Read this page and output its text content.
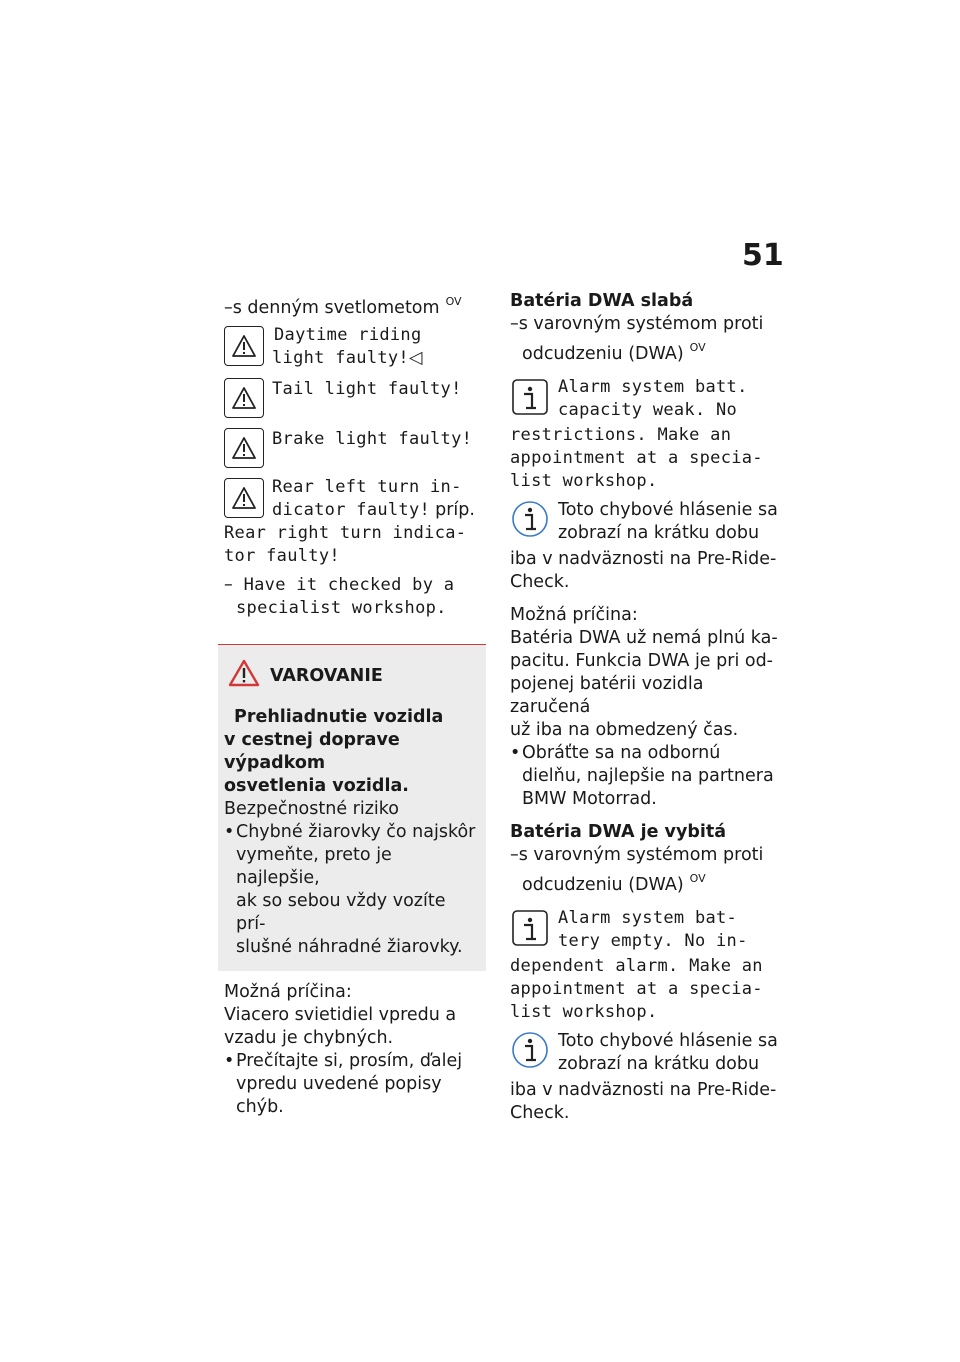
51
–s denným svetlometom $^{OV}$
Daytime riding
light faulty!◁
Tail light faulty!
Brake light faulty!
Rear left turn in-
dicator faulty! príp.
Rear right turn indica-
tor faulty!
– Have it checked by a
specialist workshop.
VAROVANIE
Prehliadnutie vozidla
v cestnej doprave výpadkom
osvetlenia vozidla.
Bezpečnostné riziko
• Chybné žiarovky čo najskôr
vymeňte, preto je najlepšie,
ak so sebou vždy vozíte prí-
slušné náhradné žiarovky.
Možná príčina:
Viacero svietidiel vpredu a
vzadu je chybných.
• Prečítajte si, prosím, ďalej
vpredu uvedené popisy chýb.
Batéria DWA slabá
–s varovným systémom proti
odcudzeniu (DWA) $^{OV}$
Alarm system batt.
capacity weak. No
restrictions. Make an
appointment at a specia-
list workshop.
Toto chybové hlásenie sa
zobrazí na krátku dobu
iba v nadväznosti na Pre-Ride-
Check.
Možná príčina:
Batéria DWA už nemá plnú ka-
pacitu. Funkcia DWA je pri od-
pojenej batérii vozidla zaručená
už iba na obmedzený čas.
• Obráťte sa na odbornú
dielňu, najlepšie na partnera
BMW Motorrad.
Batéria DWA je vybitá
–s varovným systémom proti
odcudzeniu (DWA) $^{OV}$
Alarm system bat-
tery empty. No in-
dependent alarm. Make an
appointment at a specia-
list workshop.
Toto chybové hlásenie sa
zobrazí na krátku dobu
iba v nadväznosti na Pre-Ride-
Check.
